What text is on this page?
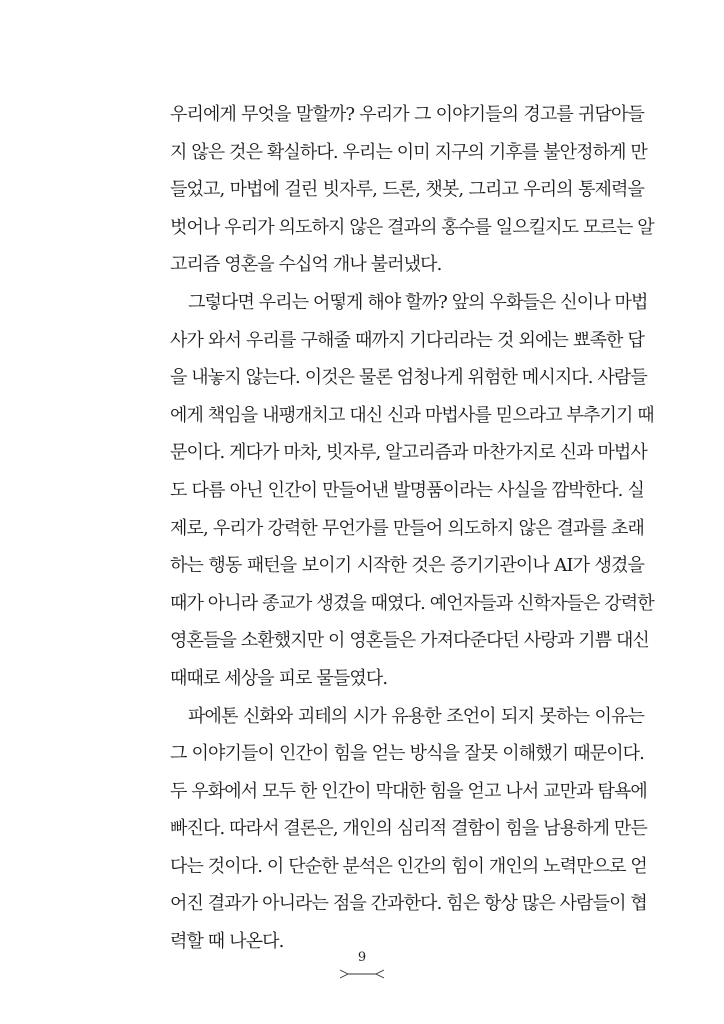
우리에게 무엇을 말할까? 우리가 그 이야기들의 경고를 귀담아들
지 않은 것은 확실하다. 우리는 이미 지구의 기후를 불안정하게 만
들었고, 마법에 걸린 빗자루, 드론, 챗봇, 그리고 우리의 통제력을
벗어나 우리가 의도하지 않은 결과의 홍수를 일으킬지도 모르는 알
고리즘 영혼을 수십억 개나 불러냈다.

그렇다면 우리는 어떻게 해야 할까? 앞의 우화들은 신이나 마법
사가 와서 우리를 구해줄 때까지 기다리라는 것 외에는 뾰족한 답
을 내놓지 않는다. 이것은 물론 엄청나게 위험한 메시지다. 사람들
에게 책임을 내팽개치고 대신 신과 마법사를 믿으라고 부추기기 때
문이다. 게다가 마차, 빗자루, 알고리즘과 마찬가지로 신과 마법사
도 다름 아닌 인간이 만들어낸 발명품이라는 사실을 깜박한다. 실
제로, 우리가 강력한 무언가를 만들어 의도하지 않은 결과를 초래
하는 행동 패턴을 보이기 시작한 것은 증기기관이나 AI가 생겼을
때가 아니라 종교가 생겼을 때였다. 예언자들과 신학자들은 강력한
영혼들을 소환했지만 이 영혼들은 가져다준다던 사랑과 기쁨 대신
때때로 세상을 피로 물들였다.

파에톤 신화와 괴테의 시가 유용한 조언이 되지 못하는 이유는
그 이야기들이 인간이 힘을 얻는 방식을 잘못 이해했기 때문이다.
두 우화에서 모두 한 인간이 막대한 힘을 얻고 나서 교만과 탐욕에
빠진다. 따라서 결론은, 개인의 심리적 결함이 힘을 남용하게 만든
다는 것이다. 이 단순한 분석은 인간의 힘이 개인의 노력만으로 얻
어진 결과가 아니라는 점을 간과한다. 힘은 항상 많은 사람들이 협
력할 때 나온다.

9
